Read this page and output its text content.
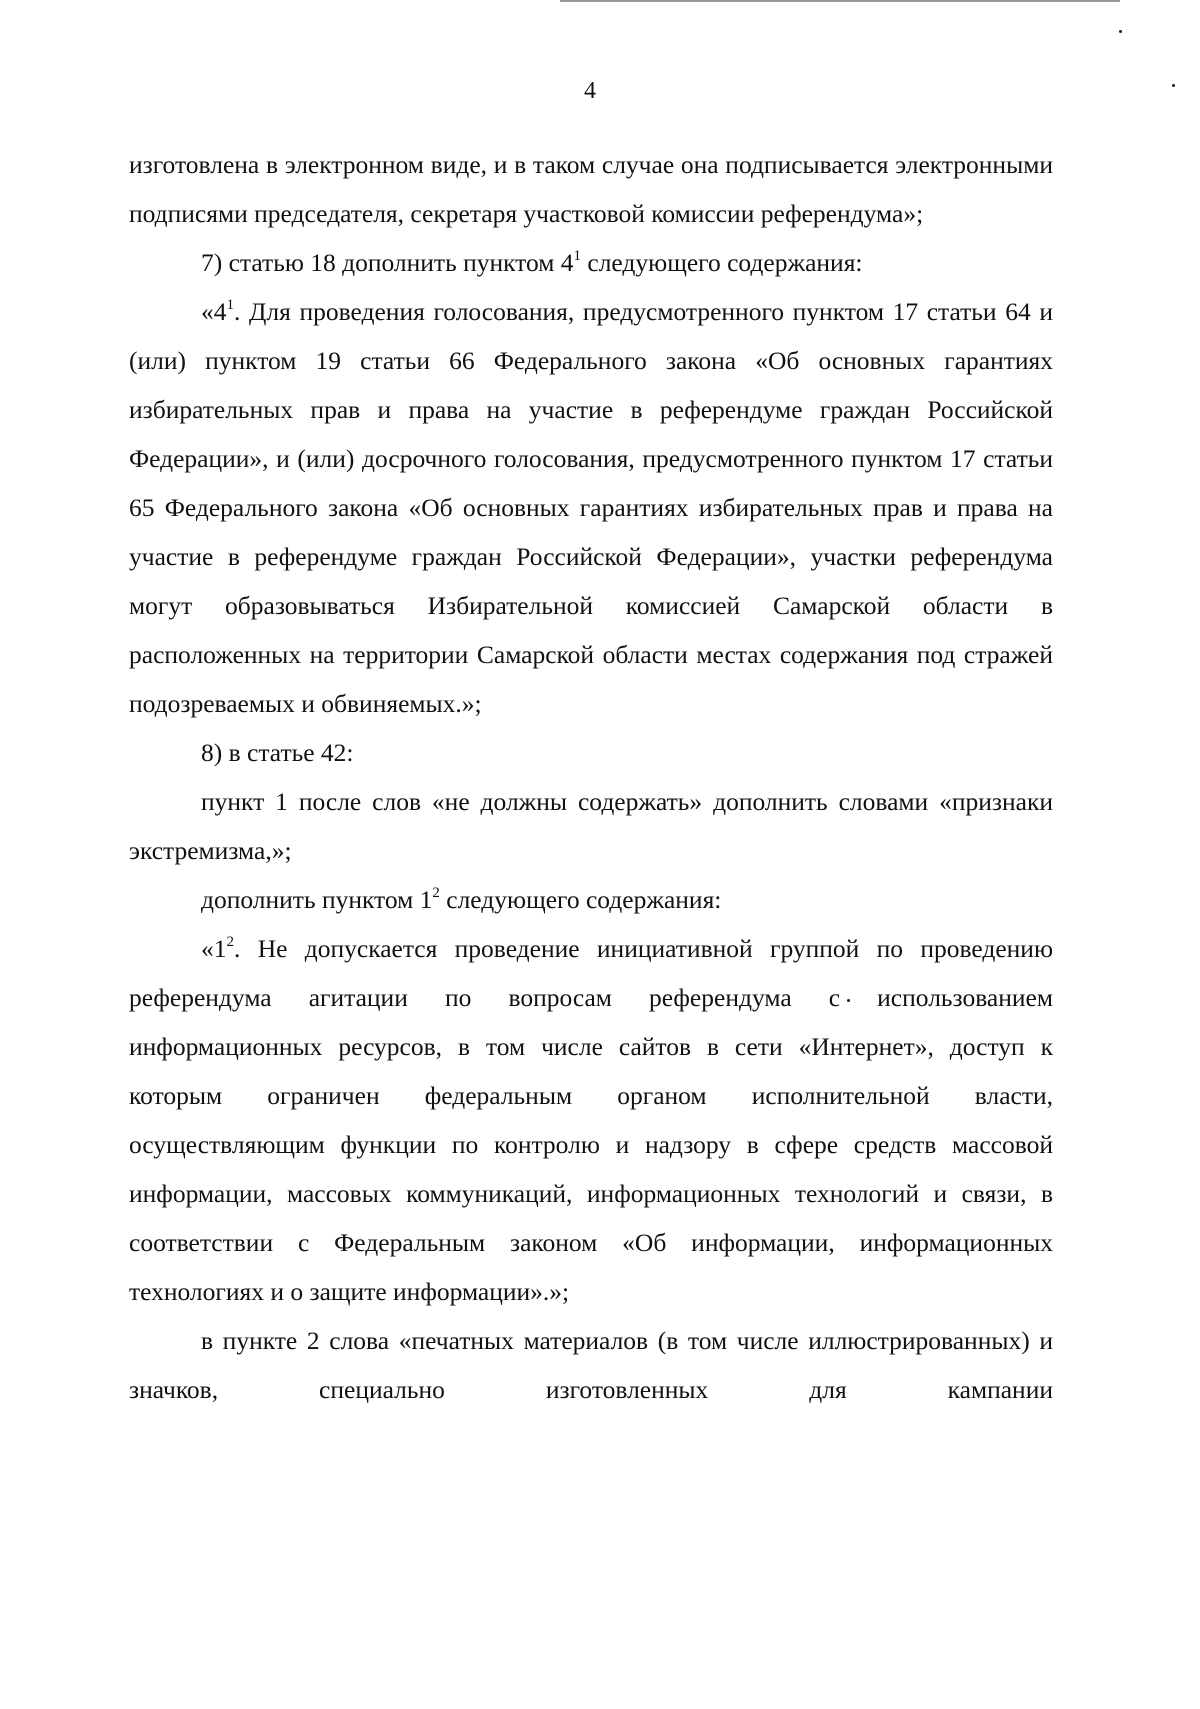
4

изготовлена в электронном виде, и в таком случае она подписывается электронными подписями председателя, секретаря участковой комиссии референдума»;

7) статью 18 дополнить пунктом $4^1$ следующего содержания:

«$4^1$. Для проведения голосования, предусмотренного пунктом 17 статьи 64 и (или) пунктом 19 статьи 66 Федерального закона «Об основных гарантиях избирательных прав и права на участие в референдуме граждан Российской Федерации», и (или) досрочного голосования, предусмотренного пунктом 17 статьи 65 Федерального закона «Об основных гарантиях избирательных прав и права на участие в референдуме граждан Российской Федерации», участки референдума могут образовываться Избирательной комиссией Самарской области в расположенных на территории Самарской области местах содержания под стражей подозреваемых и обвиняемых.»;

8) в статье 42:

пункт 1 после слов «не должны содержать» дополнить словами «признаки экстремизма,»;

дополнить пунктом $1^2$ следующего содержания:

«$1^2$. Не допускается проведение инициативной группой по проведению референдума агитации по вопросам референдума с использованием информационных ресурсов, в том числе сайтов в сети «Интернет», доступ к которым ограничен федеральным органом исполнительной власти, осуществляющим функции по контролю и надзору в сфере средств массовой информации, массовых коммуникаций, информационных технологий и связи, в соответствии с Федеральным законом «Об информации, информационных технологиях и о защите информации».»;

в пункте 2 слова «печатных материалов (в том числе иллюстрированных) и значков, специально изготовленных для кампании
